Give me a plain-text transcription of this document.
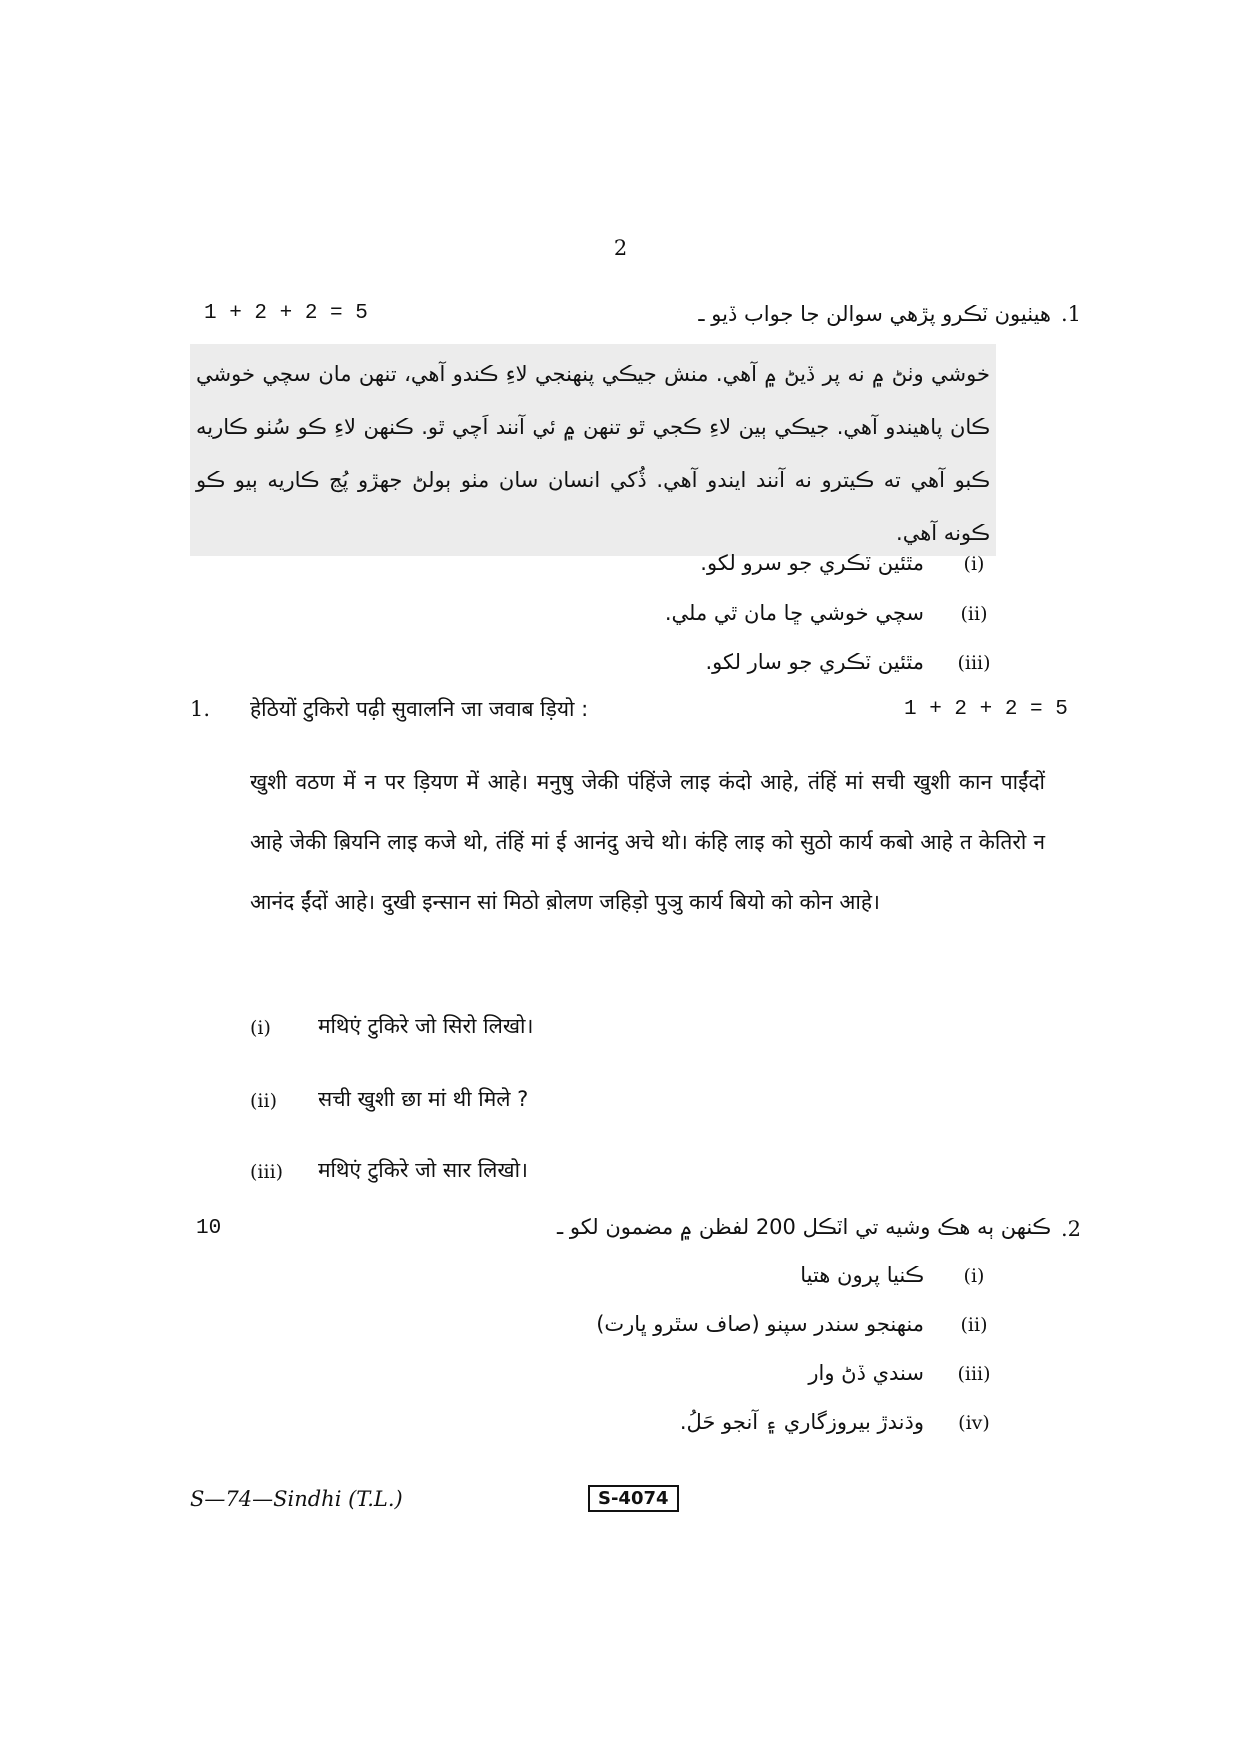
2
1 + 2 + 2 = 5	هيٺيون ٽڪرو پڙهي سوالن جا جواب ڏيو ـ .1
خوشي وٺڻ ۾ نه پر ڏيڻ ۾ آهي. منش جيڪي پنهنجي لاءِ ڪندو آهي، تنهن مان سچي خوشي ڪان پاهيندو آهي. جيڪي ٻين لاءِ ڪجي ٿو تنهن ۾ ئي آنند اَچي ٿو. ڪنهن لاءِ ڪو سُٺو ڪاريه ڪبو آهي ته ڪيترو نه آنند ايندو آهي. ڏُکي انسان سان مٺو ٻولڻ جهڙو پُڃ ڪاريه ٻيو ڪو ڪونه آهي.
مٿئين ٽڪري جو سرو لکو.	(i)
سچي خوشي ڇا مان ٿي ملي.	(ii)
مٿئين ٽڪري جو سار لکو. (iii)
1. हेठियों टुकिरो पढ़ी सुवालनि जा जवाब ड़ियो :	1 + 2 + 2 = 5
खुशी वठण में न पर ड़ियण में आहे। मनुषु जेकी पंहिंजे लाइ कंदो आहे, तंहिं मां सची खुशी कान पाईंदों आहे जेकी ब़ियनि लाइ कजे थो, तंहिं मां ई आनंदु अचे थो। कंहि लाइ को सुठो कार्य कबो आहे त केतिरो न आनंद ईंदों आहे। दुखी इन्सान सां मिठो ब़ोलण जहिड़ो पुञु कार्य बियो को कोन आहे।
(i) मथिएं टुकिरे जो सिरो लिखो।
(ii) सची खुशी छा मां थी मिले ?
(iii) मथिएं टुकिरे जो सार लिखो।
10	ڪنهن ٻه هڪ وشيه تي اٽڪل 200 لفظن ۾ مضمون لکو ـ .2
ڪنيا پرون هتيا	(i)
منهنجو سندر سپنو (صاف سٿرو ڀارت)	(ii)
سندي ڏڻ وار (iii)
وڌندڙ بيروزگاري ۽ آنجو حَلُ. (iv)
S—74—Sindhi (T.L.)	S-4074
